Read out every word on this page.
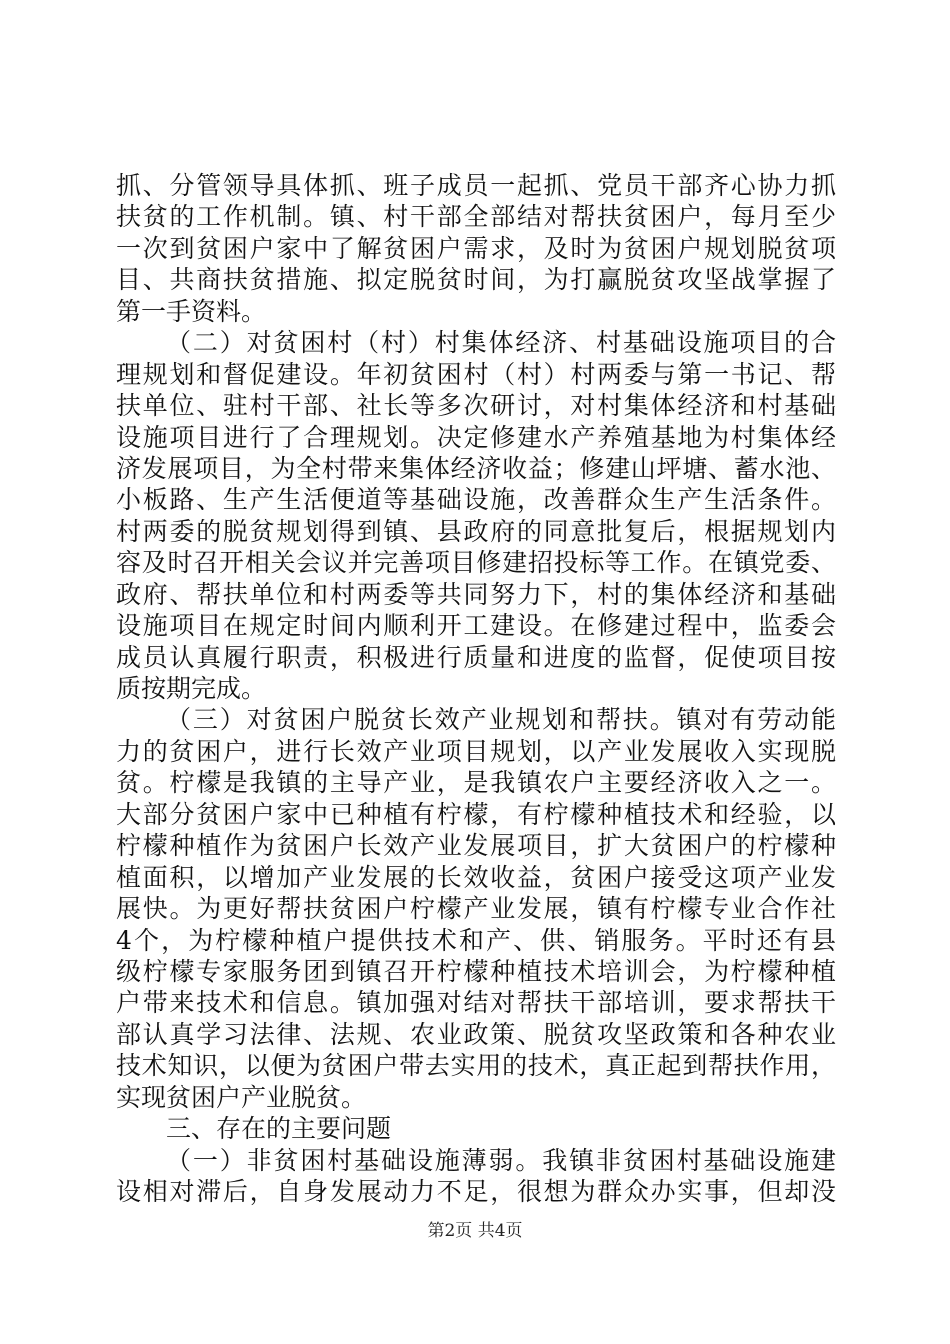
抓、分管领导具体抓、班子成员一起抓、党员干部齐心协力抓
扶贫的工作机制。镇、村干部全部结对帮扶贫困户，每月至少
一次到贫困户家中了解贫困户需求，及时为贫困户规划脱贫项
目、共商扶贫措施、拟定脱贫时间，为打赢脱贫攻坚战掌握了
第一手资料。
（二）对贫困村（村）村集体经济、村基础设施项目的合
理规划和督促建设。年初贫困村（村）村两委与第一书记、帮
扶单位、驻村干部、社长等多次研讨，对村集体经济和村基础
设施项目进行了合理规划。决定修建水产养殖基地为村集体经
济发展项目，为全村带来集体经济收益；修建山坪塘、蓄水池、
小板路、生产生活便道等基础设施，改善群众生产生活条件。
村两委的脱贫规划得到镇、县政府的同意批复后，根据规划内
容及时召开相关会议并完善项目修建招投标等工作。在镇党委、
政府、帮扶单位和村两委等共同努力下，村的集体经济和基础
设施项目在规定时间内顺利开工建设。在修建过程中，监委会
成员认真履行职责，积极进行质量和进度的监督，促使项目按
质按期完成。
（三）对贫困户脱贫长效产业规划和帮扶。镇对有劳动能
力的贫困户，进行长效产业项目规划，以产业发展收入实现脱
贫。柠檬是我镇的主导产业，是我镇农户主要经济收入之一。
大部分贫困户家中已种植有柠檬，有柠檬种植技术和经验，以
柠檬种植作为贫困户长效产业发展项目，扩大贫困户的柠檬种
植面积，以增加产业发展的长效收益，贫困户接受这项产业发
展快。为更好帮扶贫困户柠檬产业发展，镇有柠檬专业合作社
4个，为柠檬种植户提供技术和产、供、销服务。平时还有县
级柠檬专家服务团到镇召开柠檬种植技术培训会，为柠檬种植
户带来技术和信息。镇加强对结对帮扶干部培训，要求帮扶干
部认真学习法律、法规、农业政策、脱贫攻坚政策和各种农业
技术知识，以便为贫困户带去实用的技术，真正起到帮扶作用，
实现贫困户产业脱贫。
三、存在的主要问题
（一）非贫困村基础设施薄弱。我镇非贫困村基础设施建
设相对滞后，自身发展动力不足，很想为群众办实事，但却没
第2页 共4页
